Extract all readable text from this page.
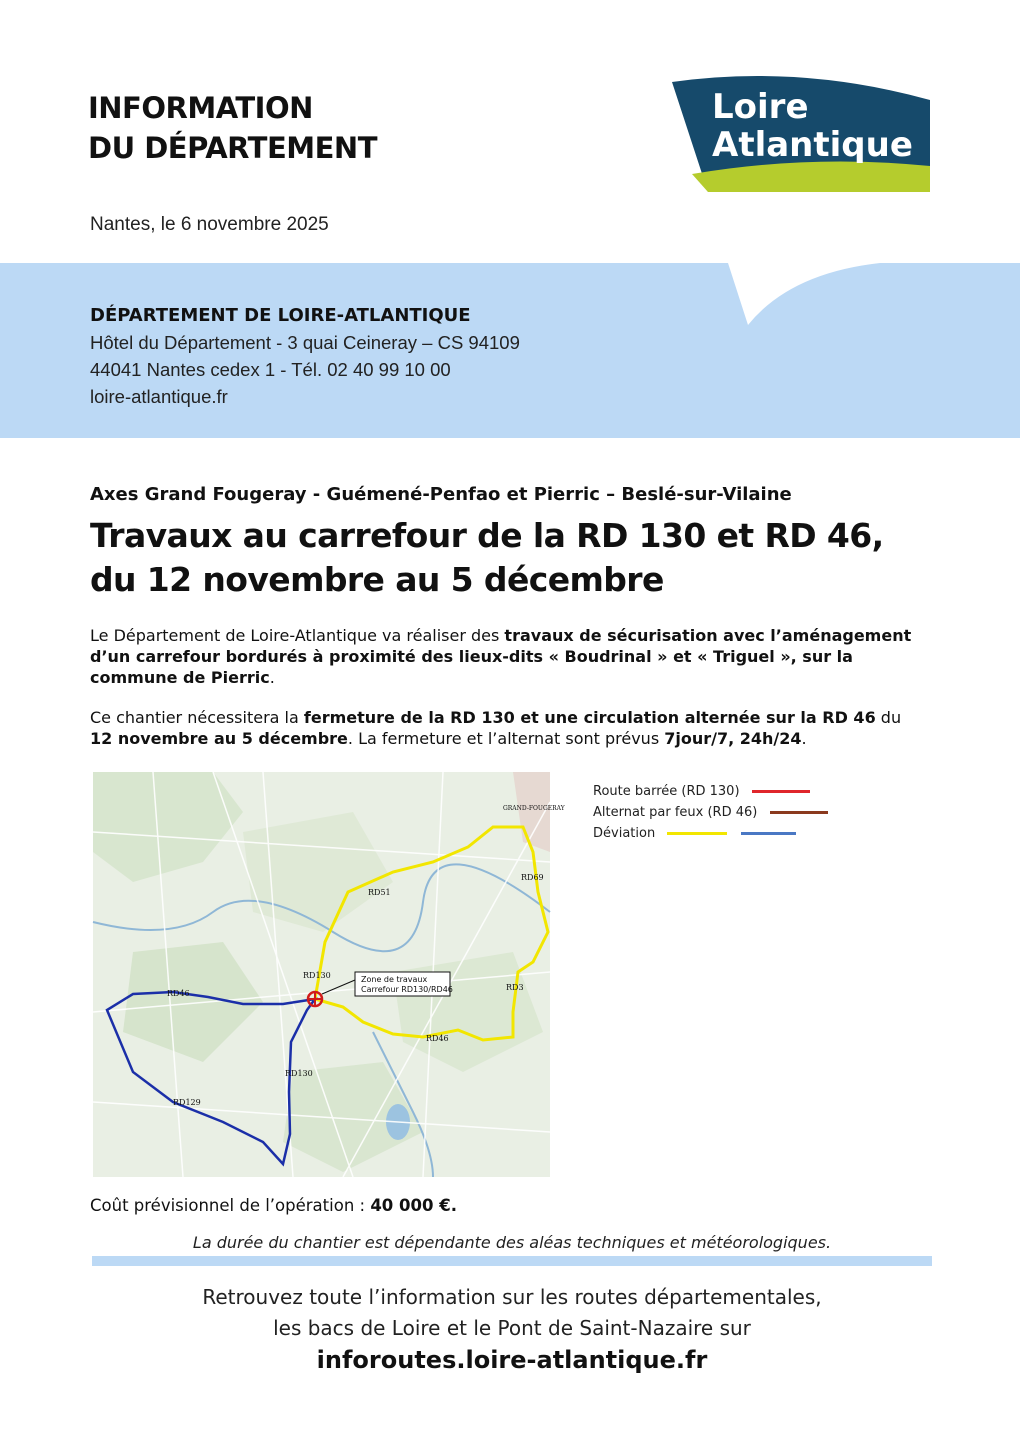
INFORMATION
DU DÉPARTEMENT
Loire
Atlantique
Nantes, le 6 novembre 2025
DÉPARTEMENT DE LOIRE-ATLANTIQUE
Hôtel du Département - 3 quai Ceineray – CS 94109
44041 Nantes cedex 1 - Tél. 02 40 99 10 00
loire-atlantique.fr
Axes Grand Fougeray - Guémené-Penfao et Pierric – Beslé-sur-Vilaine
Travaux au carrefour de la RD 130 et RD 46,
du 12 novembre au 5 décembre
Le Département de Loire-Atlantique va réaliser des travaux de sécurisation avec l’aménagement d’un carrefour bordurés à proximité des lieux-dits « Boudrinal » et « Triguel », sur la commune de Pierric.
Ce chantier nécessitera la fermeture de la RD 130 et une circulation alternée sur la RD 46 du 12 novembre au 5 décembre. La fermeture et l’alternat sont prévus 7jour/7, 24h/24.
Zone de travaux
Carrefour RD130/RD46
RD130
RD46
RD46
RD3
RD51
RD69
RD129
RD130
GRAND-FOUGERAY
Route barrée (RD 130)
Alternat par feux (RD 46)
Déviation
Coût prévisionnel de l’opération : 40 000 €.
La durée du chantier est dépendante des aléas techniques et météorologiques.
Retrouvez toute l’information sur les routes départementales,
les bacs de Loire et le Pont de Saint-Nazaire sur
inforoutes.loire-atlantique.fr
